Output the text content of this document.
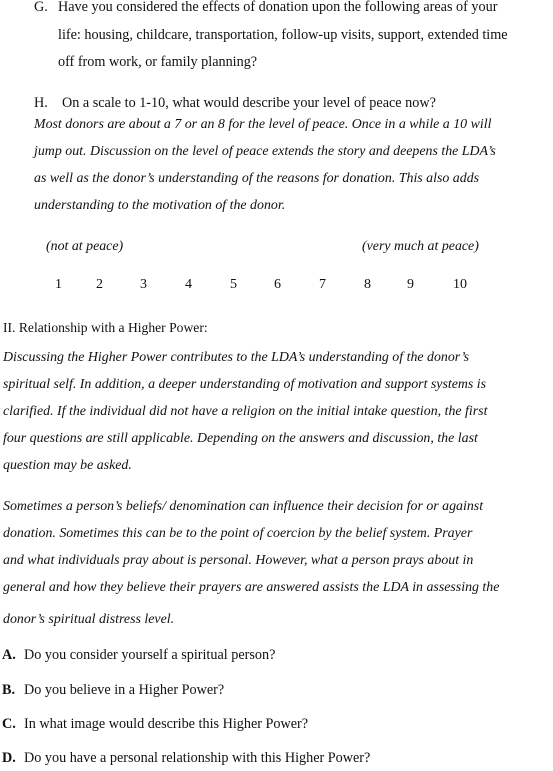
G. Have you considered the effects of donation upon the following areas of your
life: housing, childcare, transportation, follow-up visits, support, extended time
off from work, or family planning?
H. On a scale to 1-10, what would describe your level of peace now?
Most donors are about a 7 or an 8 for the level of peace. Once in a while a 10 will
jump out. Discussion on the level of peace extends the story and deepens the LDA’s
as well as the donor’s understanding of the reasons for donation. This also adds
understanding to the motivation of the donor.
(not at peace)	(very much at peace)
1 2	3	4	5	6	7	8	9	10
II. Relationship with a Higher Power:
Discussing the Higher Power contributes to the LDA’s understanding of the donor’s
spiritual self. In addition, a deeper understanding of motivation and support systems is
clarified. If the individual did not have a religion on the initial intake question, the first
four questions are still applicable. Depending on the answers and discussion, the last
question may be asked.
Sometimes a person’s beliefs/ denomination can influence their decision for or against
donation. Sometimes this can be to the point of coercion by the belief system. Prayer
and what individuals pray about is personal. However, what a person prays about in
general and how they believe their prayers are answered assists the LDA in assessing the
donor’s spiritual distress level.
A. Do you consider yourself a spiritual person?
B. Do you believe in a Higher Power?
C. In what image would describe this Higher Power?
D. Do you have a personal relationship with this Higher Power?
